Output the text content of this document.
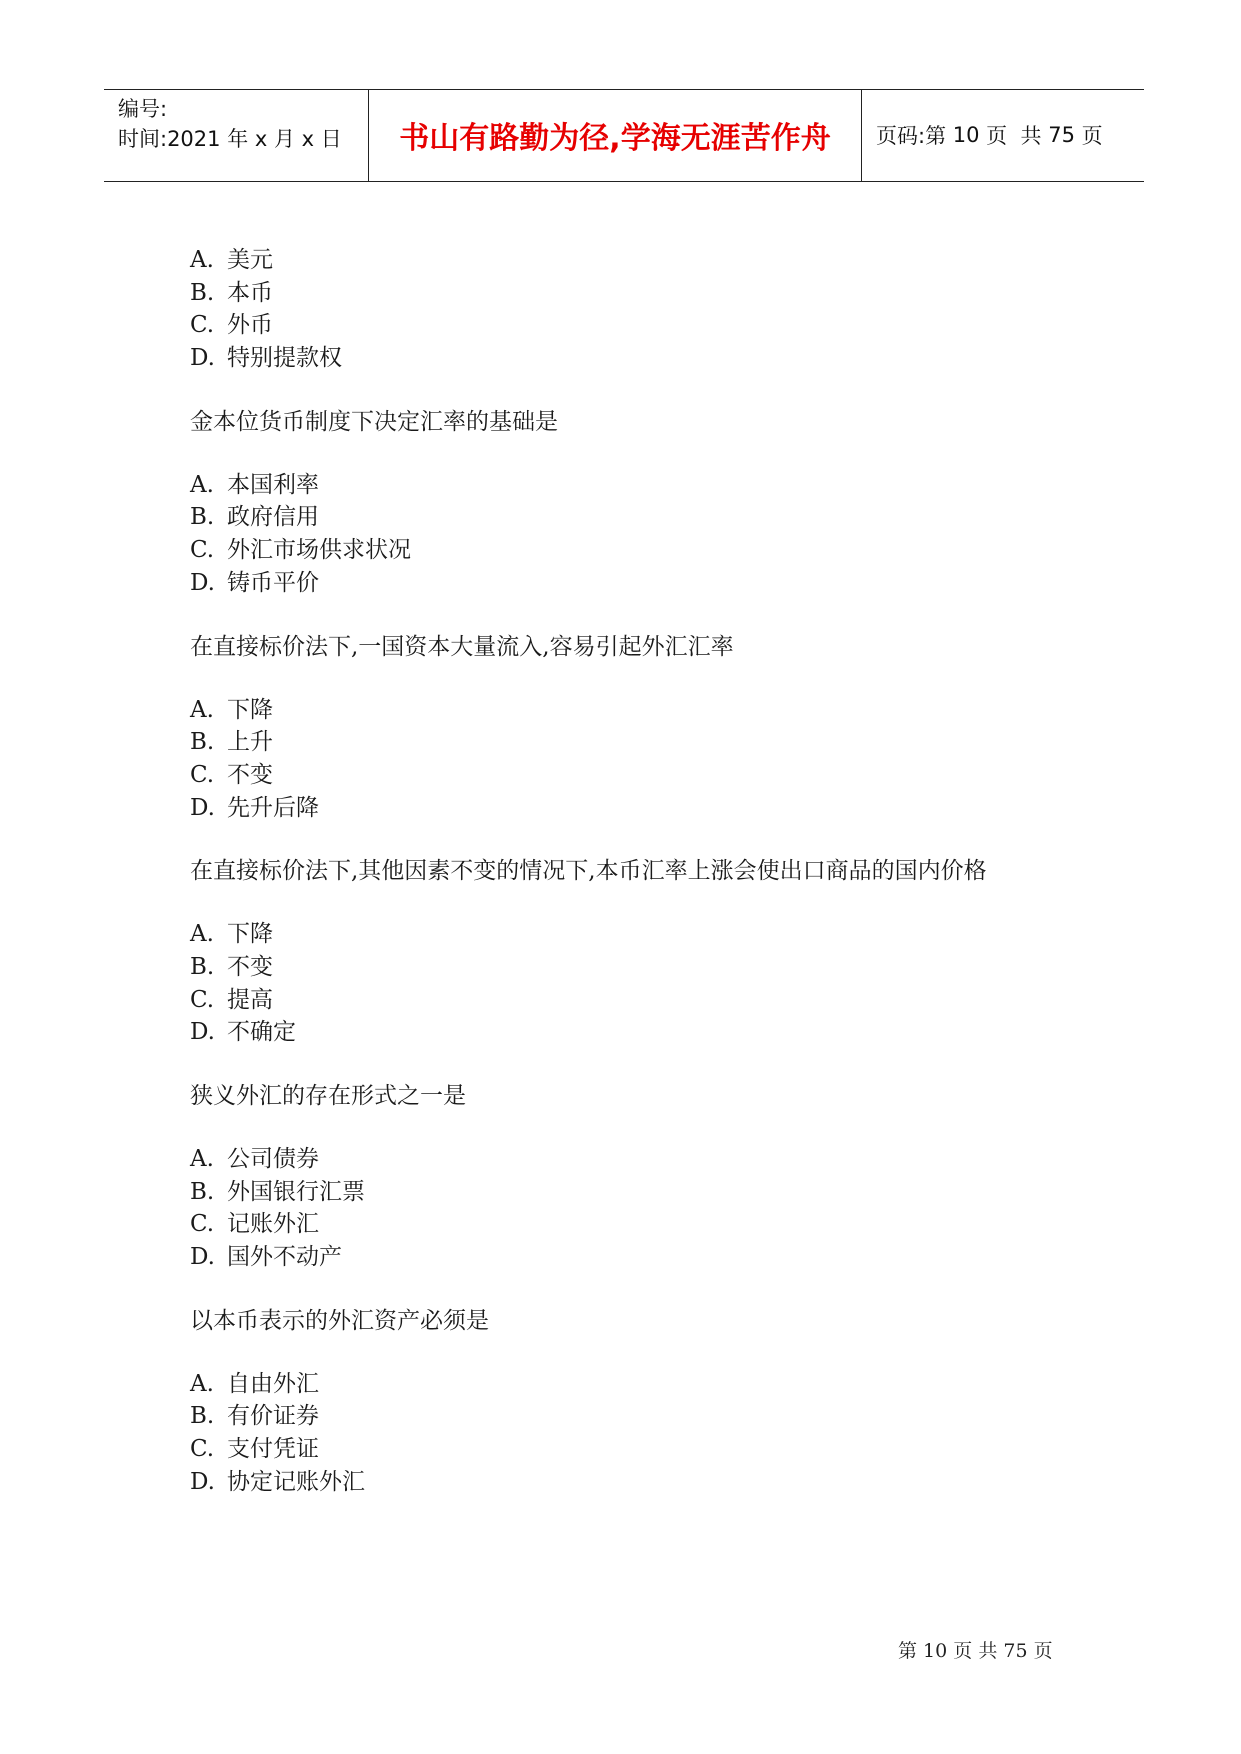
编号:
时间:2021 年 x 月 x 日	书山有路勤为径,学海无涯苦作舟	页码:第 10 页  共 75 页
A. 美元
B. 本币
C. 外币
D. 特别提款权
金本位货币制度下决定汇率的基础是
A. 本国利率
B. 政府信用
C. 外汇市场供求状况
D. 铸币平价
在直接标价法下,一国资本大量流入,容易引起外汇汇率
A. 下降
B. 上升
C. 不变
D. 先升后降
在直接标价法下,其他因素不变的情况下,本币汇率上涨会使出口商品的国内价格
A. 下降
B. 不变
C. 提高
D. 不确定
狭义外汇的存在形式之一是
A. 公司债券
B. 外国银行汇票
C. 记账外汇
D. 国外不动产
以本币表示的外汇资产必须是
A. 自由外汇
B. 有价证券
C. 支付凭证
D. 协定记账外汇
第 10 页 共 75 页
